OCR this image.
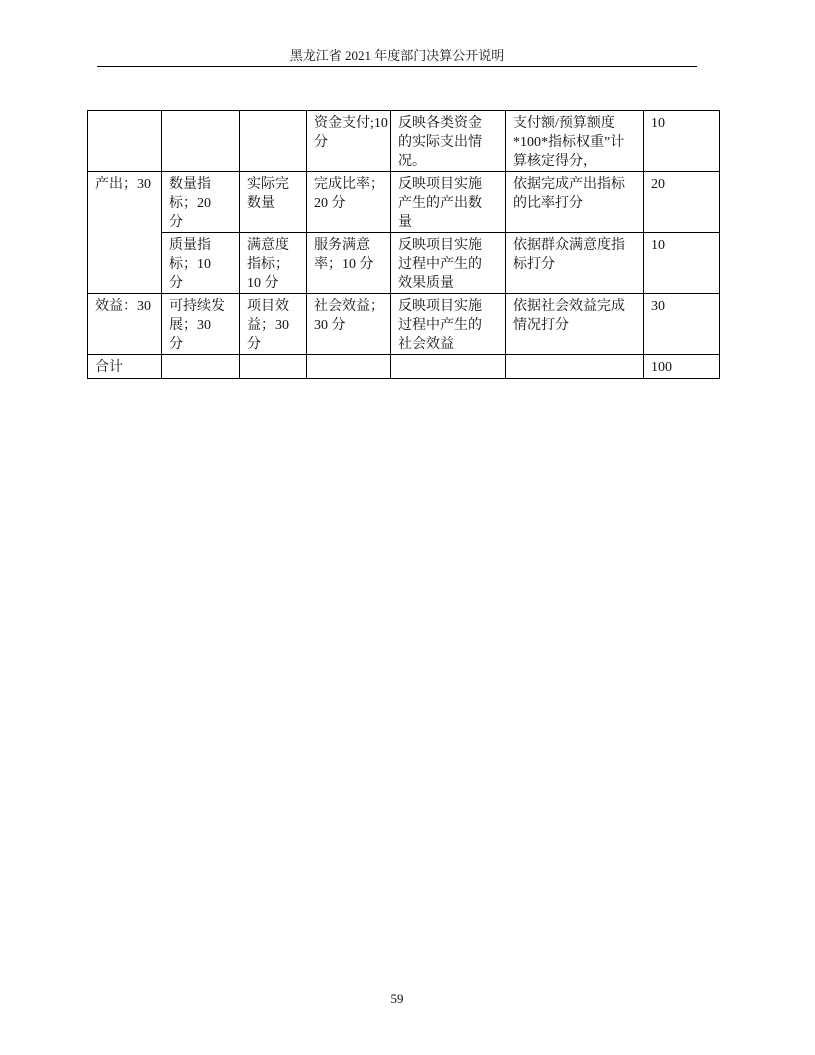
黑龙江省 2021 年度部门决算公开说明
			资金支付;10 分	反映各类资金的实际支出情况。	支付额/预算额度*100*指标权重”计算核定得分，	10
产出；30	数量指标；20 分	实际完数量	完成比率；20 分	反映项目实施产生的产出数量	依据完成产出指标的比率打分	20
	质量指标；10 分	满意度指标；10 分	服务满意率；10 分	反映项目实施过程中产生的效果质量	依据群众满意度指标打分	10
效益：30	可持续发展；30 分	项目效益；30 分	社会效益；30 分	反映项目实施过程中产生的社会效益	依据社会效益完成情况打分	30
合计						100
59
